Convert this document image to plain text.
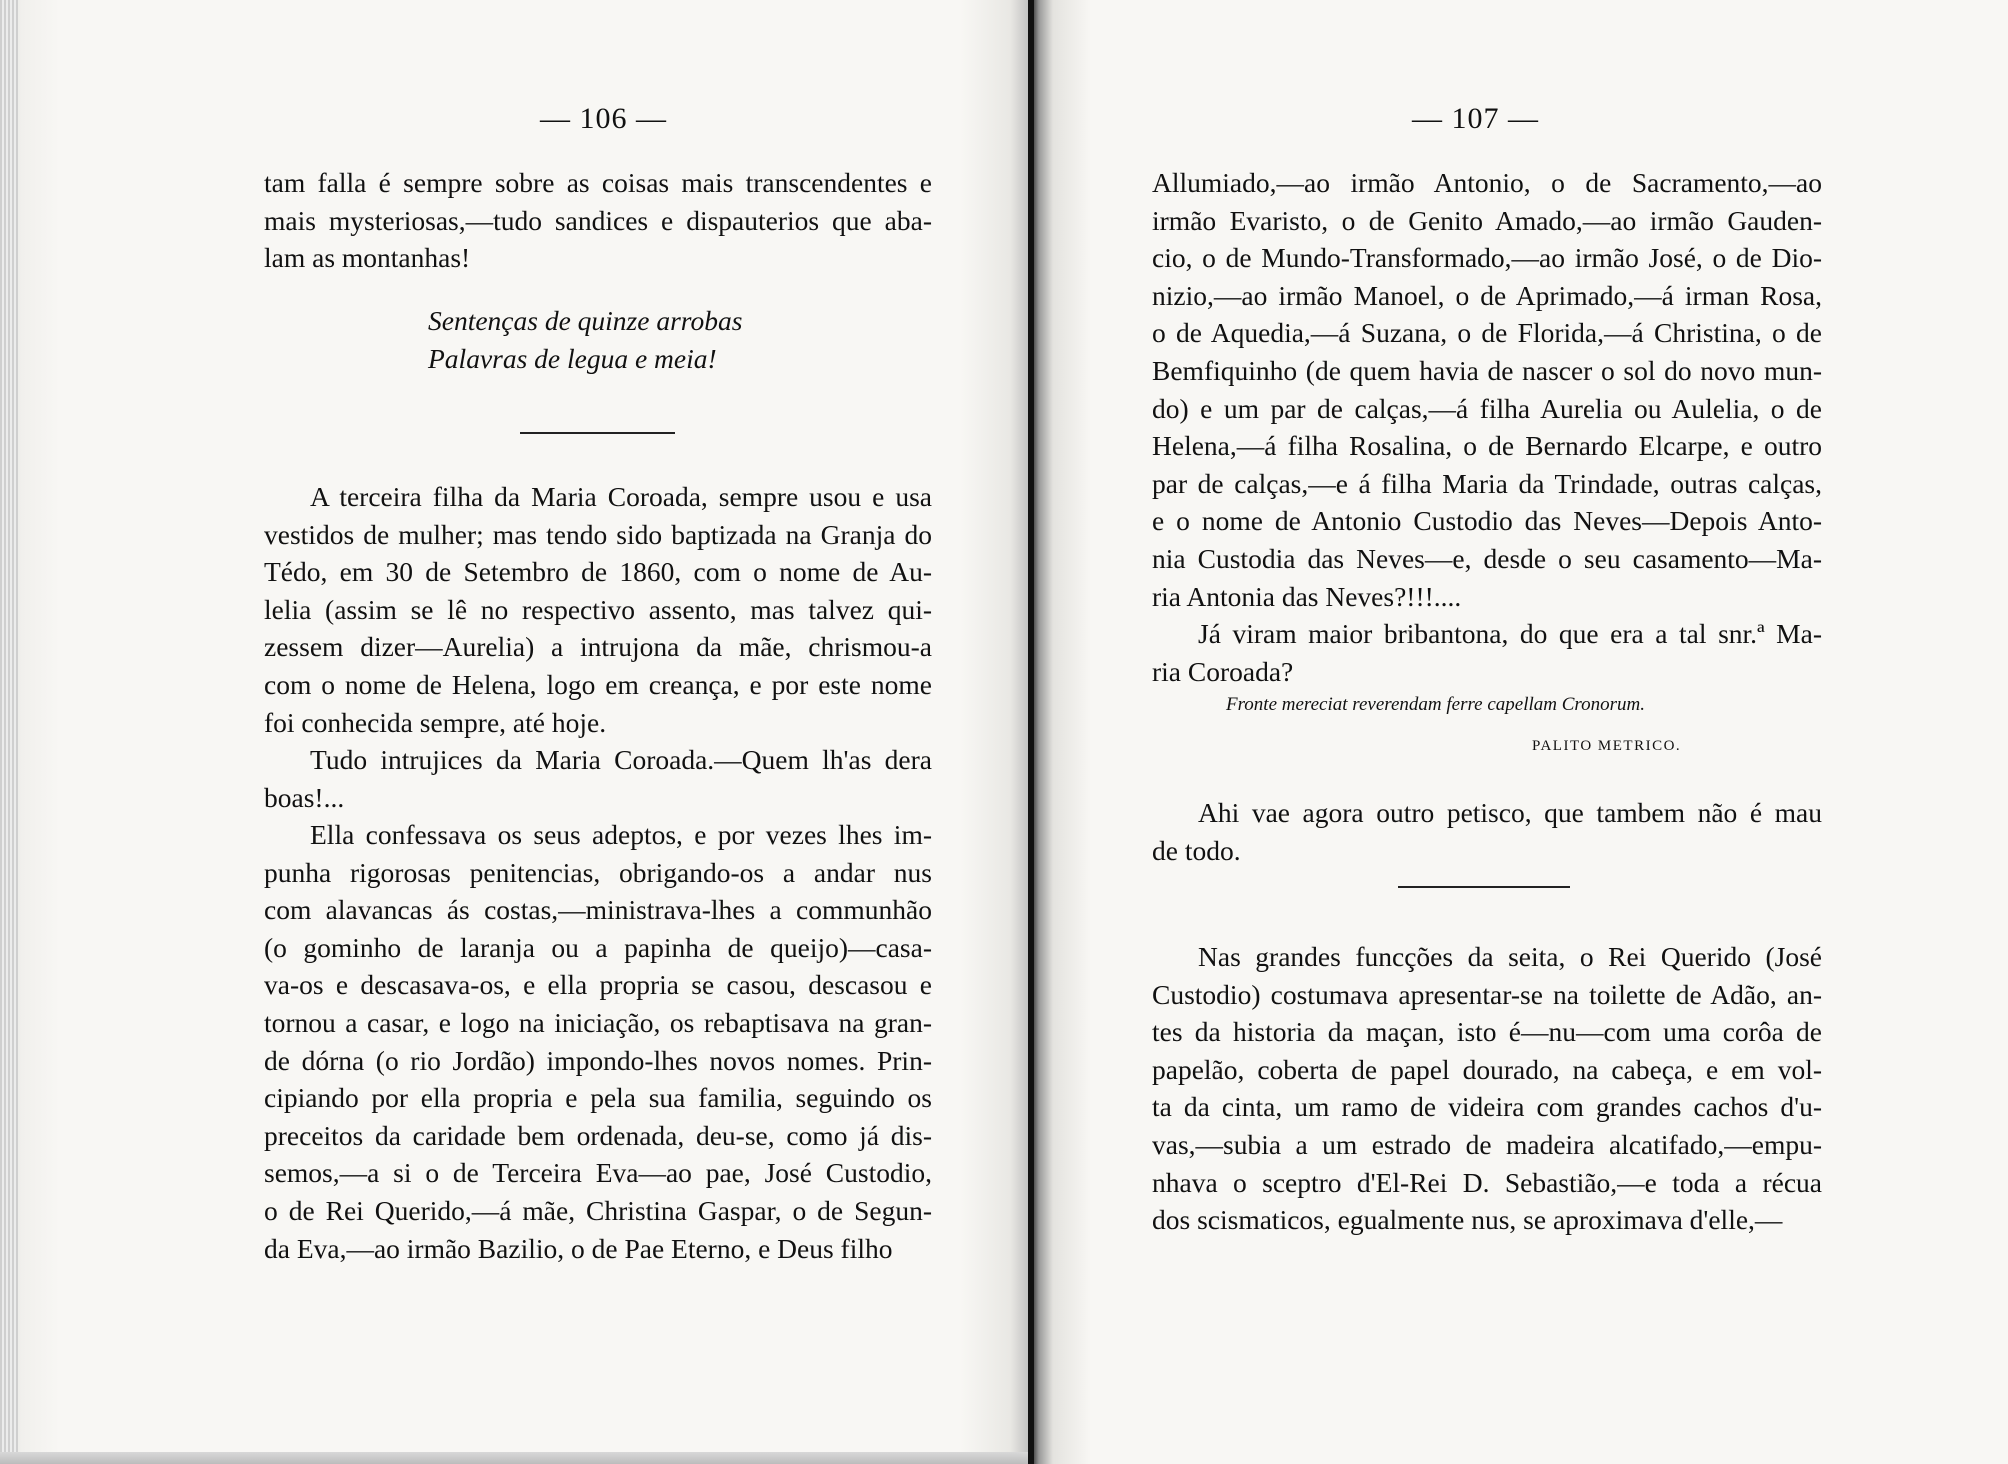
— 106 —
tam falla é sempre sobre as coisas mais transcendentes e
mais mysteriosas,—tudo sandices e dispauterios que aba-
lam as montanhas!
Sentenças de quinze arrobas
Palavras de legua e meia!
A terceira filha da Maria Coroada, sempre usou e usa
vestidos de mulher; mas tendo sido baptizada na Granja do
Tédo, em 30 de Setembro de 1860, com o nome de Au-
lelia (assim se lê no respectivo assento, mas talvez qui-
zessem dizer—Aurelia) a intrujona da mãe, chrismou-a
com o nome de Helena, logo em creança, e por este nome
foi conhecida sempre, até hoje.
Tudo intrujices da Maria Coroada.—Quem lh'as dera
boas!...
Ella confessava os seus adeptos, e por vezes lhes im-
punha rigorosas penitencias, obrigando-os a andar nus
com alavancas ás costas,—ministrava-lhes a communhão
(o gominho de laranja ou a papinha de queijo)—casa-
va-os e descasava-os, e ella propria se casou, descasou e
tornou a casar, e logo na iniciação, os rebaptisava na gran-
de dórna (o rio Jordão) impondo-lhes novos nomes. Prin-
cipiando por ella propria e pela sua familia, seguindo os
preceitos da caridade bem ordenada, deu-se, como já dis-
semos,—a si o de Terceira Eva—ao pae, José Custodio,
o de Rei Querido,—á mãe, Christina Gaspar, o de Segun-
da Eva,—ao irmão Bazilio, o de Pae Eterno, e Deus filho
— 107 —
Allumiado,—ao irmão Antonio, o de Sacramento,—ao
irmão Evaristo, o de Genito Amado,—ao irmão Gauden-
cio, o de Mundo-Transformado,—ao irmão José, o de Dio-
nizio,—ao irmão Manoel, o de Aprimado,—á irman Rosa,
o de Aquedia,—á Suzana, o de Florida,—á Christina, o de
Bemfiquinho (de quem havia de nascer o sol do novo mun-
do) e um par de calças,—á filha Aurelia ou Aulelia, o de
Helena,—á filha Rosalina, o de Bernardo Elcarpe, e outro
par de calças,—e á filha Maria da Trindade, outras calças,
e o nome de Antonio Custodio das Neves—Depois Anto-
nia Custodia das Neves—e, desde o seu casamento—Ma-
ria Antonia das Neves?!!!....
Já viram maior bribantona, do que era a tal snr.ª Ma-
ria Coroada?
Fronte mereciat reverendam ferre capellam Cronorum.
PALITO METRICO.
Ahi vae agora outro petisco, que tambem não é mau
de todo.
Nas grandes funcções da seita, o Rei Querido (José
Custodio) costumava apresentar-se na toilette de Adão, an-
tes da historia da maçan, isto é—nu—com uma corôa de
papelão, coberta de papel dourado, na cabeça, e em vol-
ta da cinta, um ramo de videira com grandes cachos d'u-
vas,—subia a um estrado de madeira alcatifado,—empu-
nhava o sceptro d'El-Rei D. Sebastião,—e toda a récua
dos scismaticos, egualmente nus, se aproximava d'elle,—
